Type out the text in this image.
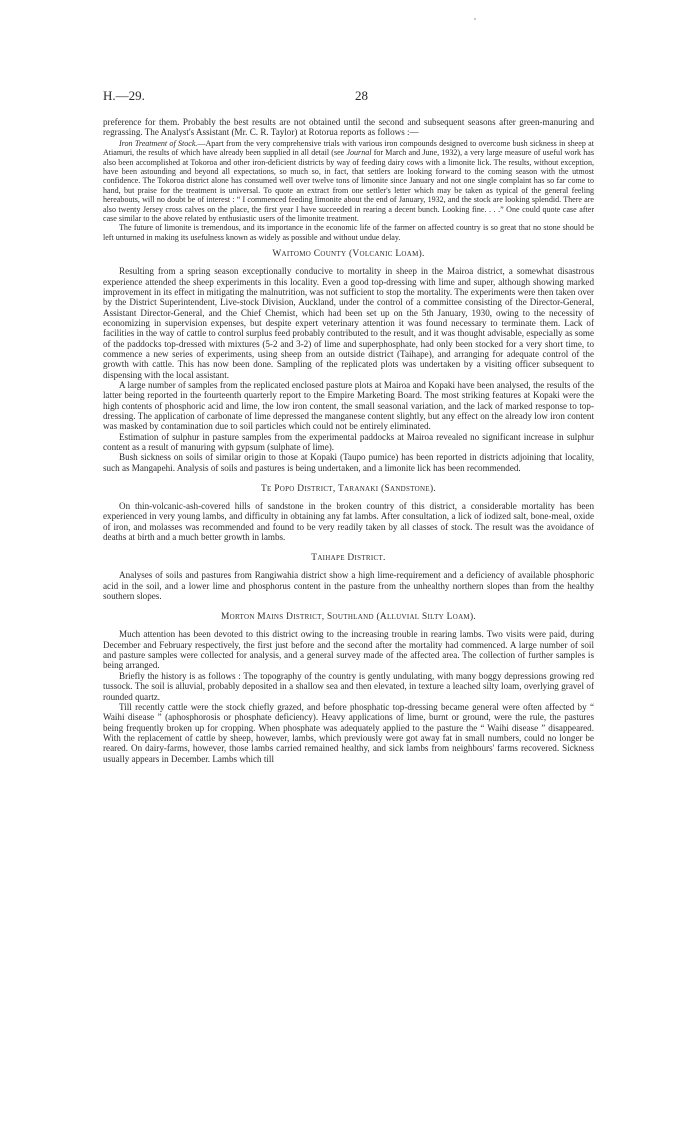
H.—29.	28

preference for them. Probably the best results are not obtained until the second and subsequent seasons after green-manuring and regrassing. The Analyst's Assistant (Mr. C. R. Taylor) at Rotorua reports as follows :—

Iron Treatment of Stock.—Apart from the very comprehensive trials with various iron compounds designed to overcome bush sickness in sheep at Atiamuri, the results of which have already been supplied in all detail (see Journal for March and June, 1932), a very large measure of useful work has also been accomplished at Tokoroa and other iron-deficient districts by way of feeding dairy cows with a limonite lick. The results, without exception, have been astounding and beyond all expectations, so much so, in fact, that settlers are looking forward to the coming season with the utmost confidence. The Tokoroa district alone has consumed well over twelve tons of limonite since January and not one single complaint has so far come to hand, but praise for the treatment is universal. To quote an extract from one settler's letter which may be taken as typical of the general feeling hereabouts, will no doubt be of interest : “ I commenced feeding limonite about the end of January, 1932, and the stock are looking splendid. There are also twenty Jersey cross calves on the place, the first year I have succeeded in rearing a decent bunch. Looking fine. . . .” One could quote case after case similar to the above related by enthusiastic users of the limonite treatment.

The future of limonite is tremendous, and its importance in the economic life of the farmer on affected country is so great that no stone should be left unturned in making its usefulness known as widely as possible and without undue delay.

Waitomo County (Volcanic Loam).

Resulting from a spring season exceptionally conducive to mortality in sheep in the Mairoa district, a somewhat disastrous experience attended the sheep experiments in this locality. Even a good top-dressing with lime and super, although showing marked improvement in its effect in mitigating the malnutrition, was not sufficient to stop the mortality. The experiments were then taken over by the District Superintendent, Live-stock Division, Auckland, under the control of a committee consisting of the Director-General, Assistant Director-General, and the Chief Chemist, which had been set up on the 5th January, 1930, owing to the necessity of economizing in supervision expenses, but despite expert veterinary attention it was found necessary to terminate them. Lack of facilities in the way of cattle to control surplus feed probably contributed to the result, and it was thought advisable, especially as some of the paddocks top-dressed with mixtures (5-2 and 3-2) of lime and superphosphate, had only been stocked for a very short time, to commence a new series of experiments, using sheep from an outside district (Taihape), and arranging for adequate control of the growth with cattle. This has now been done. Sampling of the replicated plots was undertaken by a visiting officer subsequent to dispensing with the local assistant.

A large number of samples from the replicated enclosed pasture plots at Mairoa and Kopaki have been analysed, the results of the latter being reported in the fourteenth quarterly report to the Empire Marketing Board. The most striking features at Kopaki were the high contents of phosphoric acid and lime, the low iron content, the small seasonal variation, and the lack of marked response to top-dressing. The application of carbonate of lime depressed the manganese content slightly, but any effect on the already low iron content was masked by contamination due to soil particles which could not be entirely eliminated.

Estimation of sulphur in pasture samples from the experimental paddocks at Mairoa revealed no significant increase in sulphur content as a result of manuring with gypsum (sulphate of lime).

Bush sickness on soils of similar origin to those at Kopaki (Taupo pumice) has been reported in districts adjoining that locality, such as Mangapehi. Analysis of soils and pastures is being undertaken, and a limonite lick has been recommended.

Te Popo District, Taranaki (Sandstone).

On thin-volcanic-ash-covered hills of sandstone in the broken country of this district, a considerable mortality has been experienced in very young lambs, and difficulty in obtaining any fat lambs. After consultation, a lick of iodized salt, bone-meal, oxide of iron, and molasses was recommended and found to be very readily taken by all classes of stock. The result was the avoidance of deaths at birth and a much better growth in lambs.

Taihape District.

Analyses of soils and pastures from Rangiwahia district show a high lime-requirement and a deficiency of available phosphoric acid in the soil, and a lower lime and phosphorus content in the pasture from the unhealthy northern slopes than from the healthy southern slopes.

Morton Mains District, Southland (Alluvial Silty Loam).

Much attention has been devoted to this district owing to the increasing trouble in rearing lambs. Two visits were paid, during December and February respectively, the first just before and the second after the mortality had commenced. A large number of soil and pasture samples were collected for analysis, and a general survey made of the affected area. The collection of further samples is being arranged.

Briefly the history is as follows : The topography of the country is gently undulating, with many boggy depressions growing red tussock. The soil is alluvial, probably deposited in a shallow sea and then elevated, in texture a leached silty loam, overlying gravel of rounded quartz.

Till recently cattle were the stock chiefly grazed, and before phosphatic top-dressing became general were often affected by “ Waihi disease ” (aphosphorosis or phosphate deficiency). Heavy applications of lime, burnt or ground, were the rule, the pastures being frequently broken up for cropping. When phosphate was adequately applied to the pasture the “ Waihi disease ” disappeared. With the replacement of cattle by sheep, however, lambs, which previously were got away fat in small numbers, could no longer be reared. On dairy-farms, however, those lambs carried remained healthy, and sick lambs from neighbours' farms recovered. Sickness usually appears in December. Lambs which till
